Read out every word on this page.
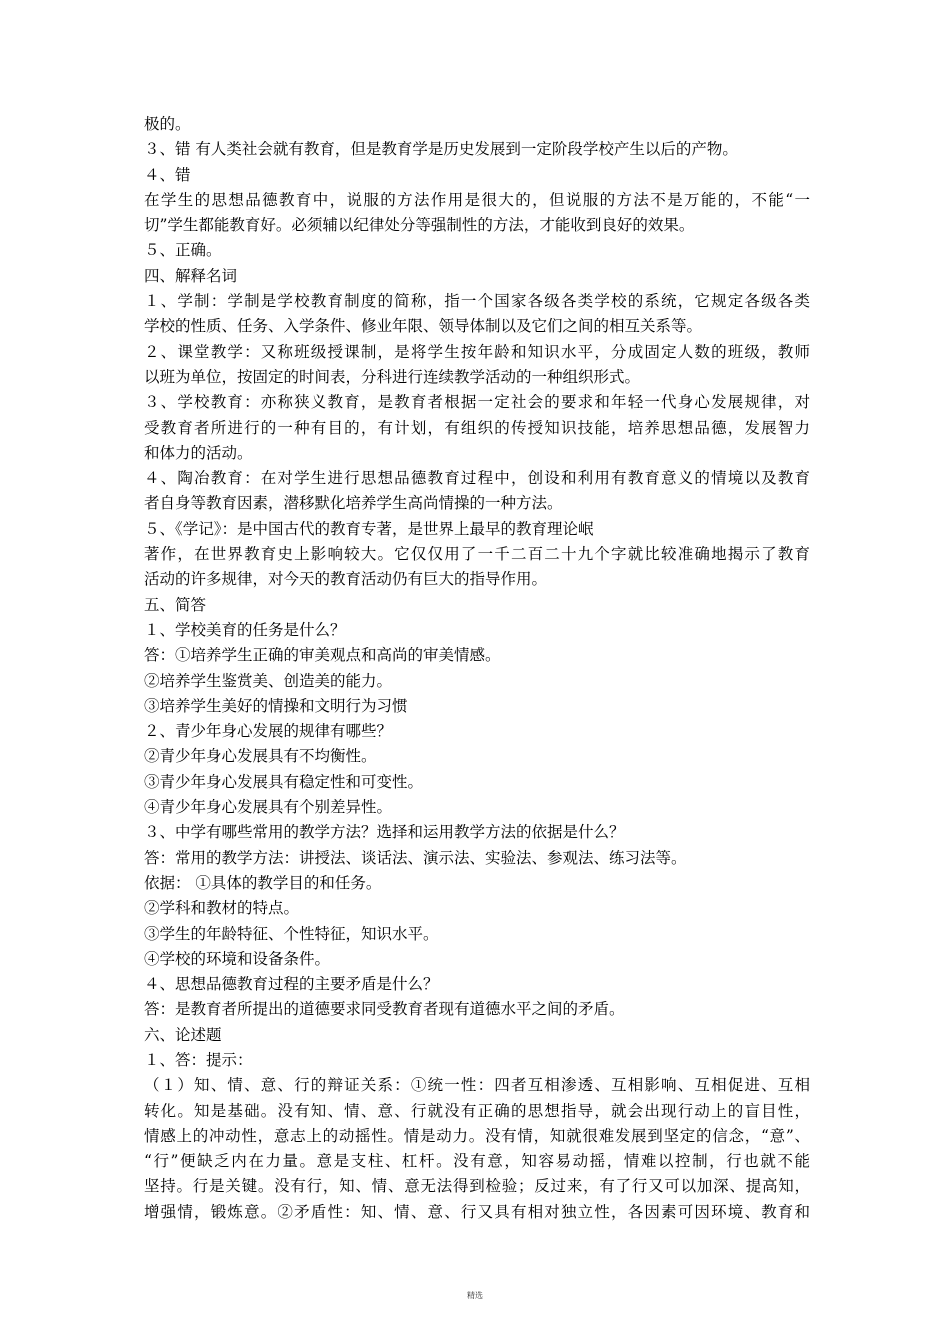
极的。
３、错 有人类社会就有教育，但是教育学是历史发展到一定阶段学校产生以后的产物。
４、错
在学生的思想品德教育中，说服的方法作用是很大的，但说服的方法不是万能的，不能“一
切”学生都能教育好。必须辅以纪律处分等强制性的方法，才能收到良好的效果。
５、正确。
四、解释名词
１、学制：学制是学校教育制度的简称，指一个国家各级各类学校的系统，它规定各级各类
学校的性质、任务、入学条件、修业年限、领导体制以及它们之间的相互关系等。
２、课堂教学：又称班级授课制，是将学生按年龄和知识水平，分成固定人数的班级，教师
以班为单位，按固定的时间表，分科进行连续教学活动的一种组织形式。
３、学校教育：亦称狭义教育，是教育者根据一定社会的要求和年轻一代身心发展规律，对
受教育者所进行的一种有目的，有计划，有组织的传授知识技能，培养思想品德，发展智力
和体力的活动。
４、陶冶教育：在对学生进行思想品德教育过程中，创设和利用有教育意义的情境以及教育
者自身等教育因素，潜移默化培养学生高尚情操的一种方法。
５、《学记》：是中国古代的教育专著，是世界上最早的教育理论岷
著作，在世界教育史上影响较大。它仅仅用了一千二百二十九个字就比较准确地揭示了教育
活动的许多规律，对今天的教育活动仍有巨大的指导作用。
五、简答
１、学校美育的任务是什么？
答：①培养学生正确的审美观点和高尚的审美情感。
②培养学生鉴赏美、创造美的能力。
③培养学生美好的情操和文明行为习惯
２、青少年身心发展的规律有哪些？
②青少年身心发展具有不均衡性。
③青少年身心发展具有稳定性和可变性。
④青少年身心发展具有个别差异性。
３、中学有哪些常用的教学方法？选择和运用教学方法的依据是什么？
答：常用的教学方法：讲授法、谈话法、演示法、实验法、参观法、练习法等。
依据： ①具体的教学目的和任务。
②学科和教材的特点。
③学生的年龄特征、个性特征，知识水平。
④学校的环境和设备条件。
４、思想品德教育过程的主要矛盾是什么？
答：是教育者所提出的道德要求同受教育者现有道德水平之间的矛盾。
六、论述题
１、答：提示：
（１）知、情、意、行的辩证关系：①统一性：四者互相渗透、互相影响、互相促进、互相
转化。知是基础。没有知、情、意、行就没有正确的思想指导，就会出现行动上的盲目性，
情感上的冲动性，意志上的动摇性。情是动力。没有情，知就很难发展到坚定的信念，“意”、
“行”便缺乏内在力量。意是支柱、杠杆。没有意，知容易动摇，情难以控制，行也就不能
坚持。行是关键。没有行，知、情、意无法得到检验；反过来，有了行又可以加深、提高知，
增强情，锻炼意。②矛盾性：知、情、意、行又具有相对独立性，各因素可因环境、教育和
精选
